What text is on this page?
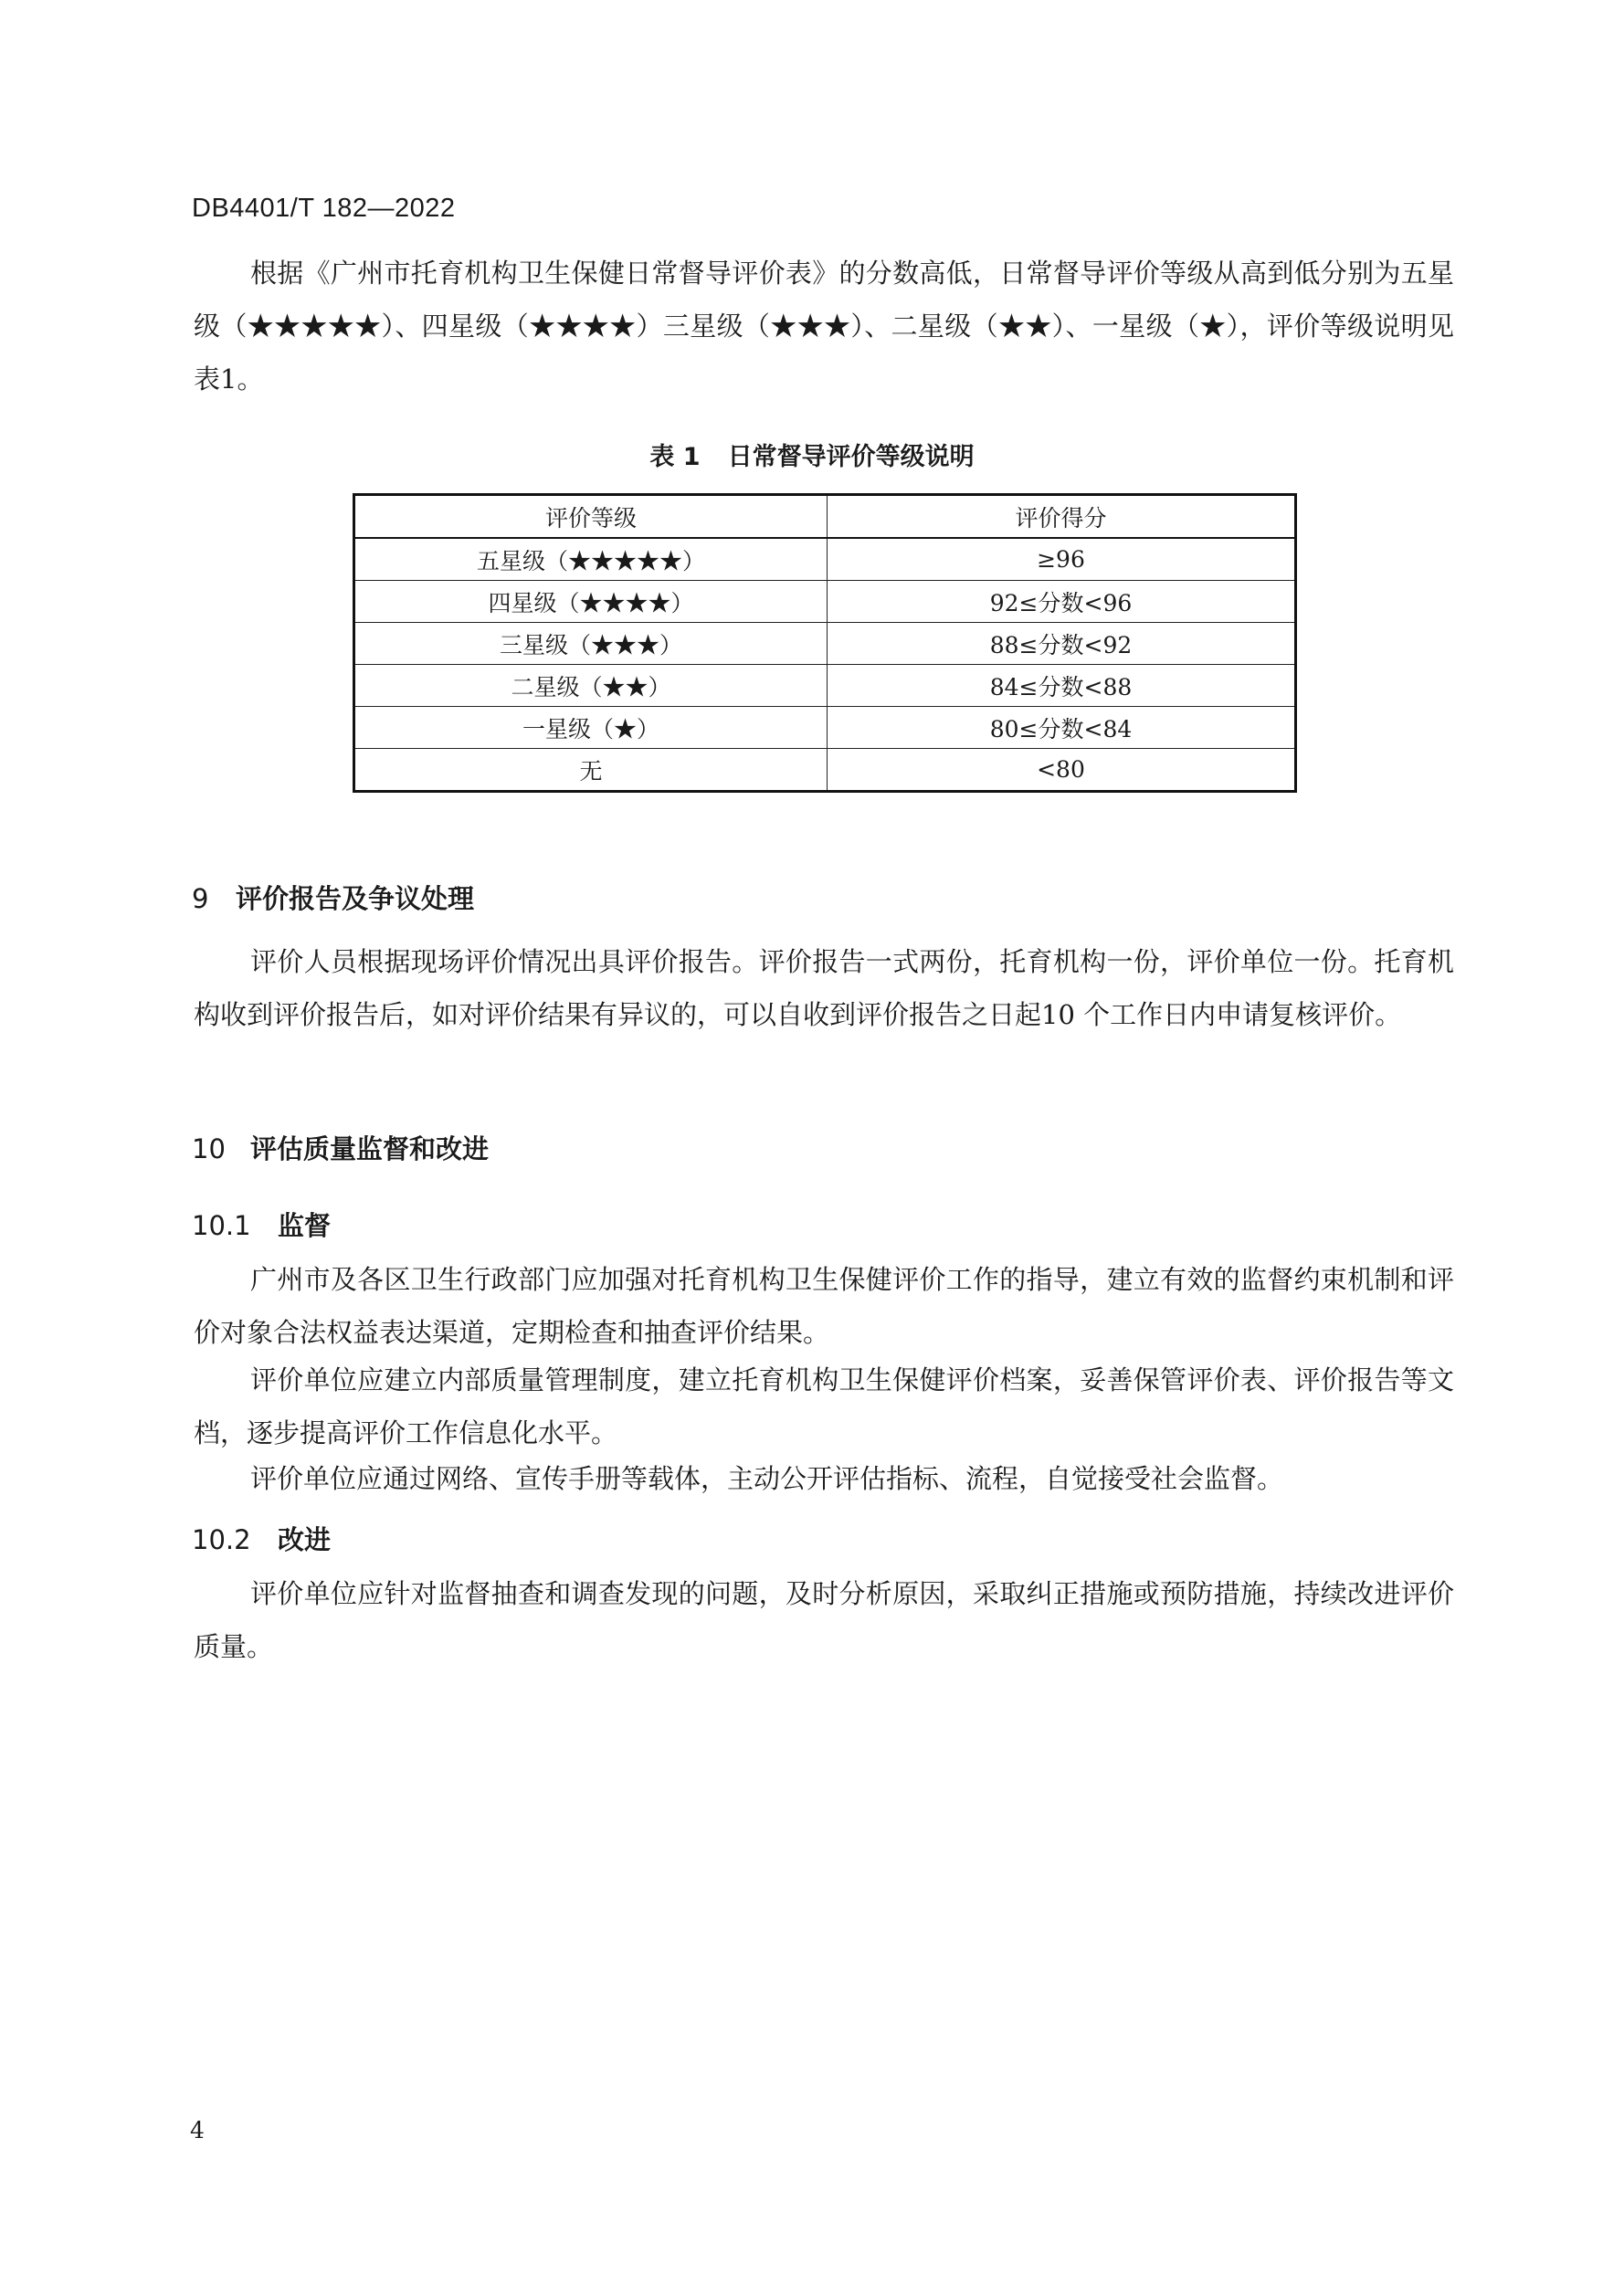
DB4401/T 182—2022

根据《广州市托育机构卫生保健日常督导评价表》的分数高低，日常督导评价等级从高到低分别为五星级（★★★★★）、四星级（★★★★）三星级（★★★）、二星级（★★）、一星级（★），评价等级说明见表1。

表 1 日常督导评价等级说明
评价等级	评价得分
五星级（★★★★★）	≥96
四星级（★★★★）	92≤分数<96
三星级（★★★）	88≤分数<92
二星级（★★）	84≤分数<88
一星级（★）	80≤分数<84
无	<80
9 评价报告及争议处理

评价人员根据现场评价情况出具评价报告。评价报告一式两份，托育机构一份，评价单位一份。托育机构收到评价报告后，如对评价结果有异议的，可以自收到评价报告之日起10 个工作日内申请复核评价。

10 评估质量监督和改进
10.1 监督

广州市及各区卫生行政部门应加强对托育机构卫生保健评价工作的指导，建立有效的监督约束机制和评价对象合法权益表达渠道，定期检查和抽查评价结果。

评价单位应建立内部质量管理制度，建立托育机构卫生保健评价档案，妥善保管评价表、评价报告等文档，逐步提高评价工作信息化水平。

评价单位应通过网络、宣传手册等载体，主动公开评估指标、流程，自觉接受社会监督。

10.2 改进

评价单位应针对监督抽查和调查发现的问题，及时分析原因，采取纠正措施或预防措施，持续改进评价质量。

4
